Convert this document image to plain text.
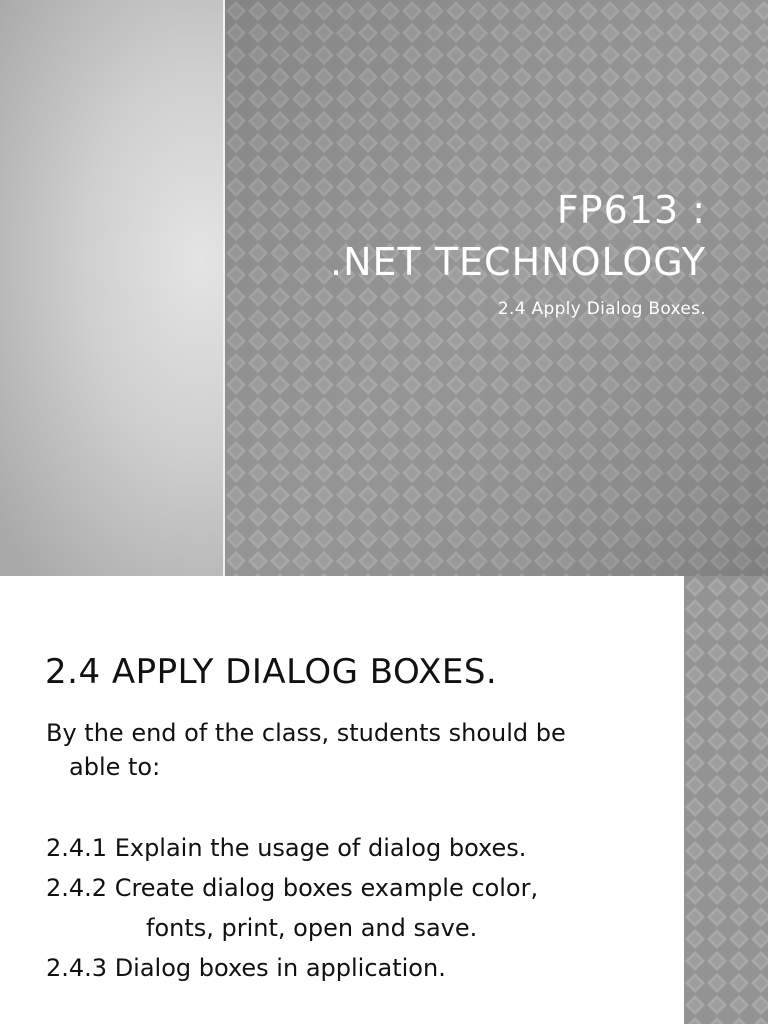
FP613 :
.NET TECHNOLOGY
2.4 Apply Dialog Boxes.
2.4 APPLY DIALOG BOXES.
By the end of the class, students should be
able to:
2.4.1 Explain the usage of dialog boxes.
2.4.2 Create dialog boxes example color,
fonts, print, open and save.
2.4.3 Dialog boxes in application.
